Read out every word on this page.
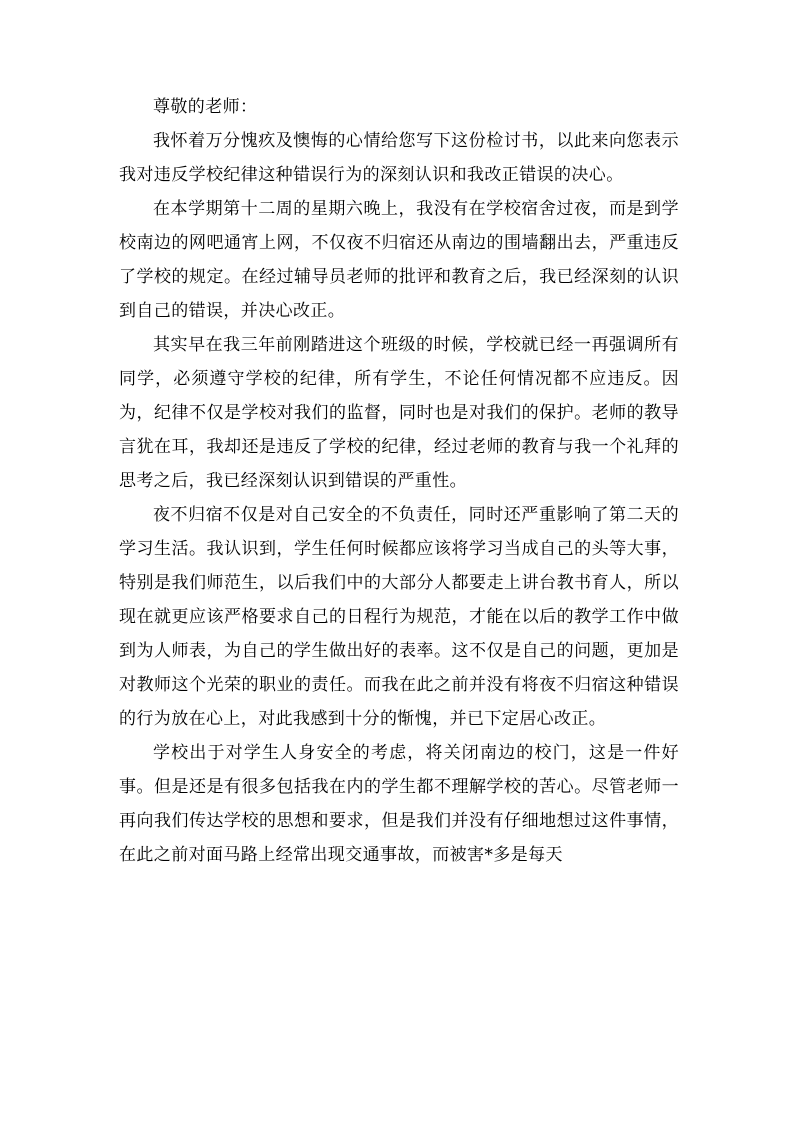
尊敬的老师：

我怀着万分愧疚及懊悔的心情给您写下这份检讨书，以此来向您表示我对违反学校纪律这种错误行为的深刻认识和我改正错误的决心。

在本学期第十二周的星期六晚上，我没有在学校宿舍过夜，而是到学校南边的网吧通宵上网，不仅夜不归宿还从南边的围墙翻出去，严重违反了学校的规定。在经过辅导员老师的批评和教育之后，我已经深刻的认识到自己的错误，并决心改正。

其实早在我三年前刚踏进这个班级的时候，学校就已经一再强调所有同学，必须遵守学校的纪律，所有学生，不论任何情况都不应违反。因为，纪律不仅是学校对我们的监督，同时也是对我们的保护。老师的教导言犹在耳，我却还是违反了学校的纪律，经过老师的教育与我一个礼拜的思考之后，我已经深刻认识到错误的严重性。

夜不归宿不仅是对自己安全的不负责任，同时还严重影响了第二天的学习生活。我认识到，学生任何时候都应该将学习当成自己的头等大事，特别是我们师范生，以后我们中的大部分人都要走上讲台教书育人，所以现在就更应该严格要求自己的日程行为规范，才能在以后的教学工作中做到为人师表，为自己的学生做出好的表率。这不仅是自己的问题，更加是对教师这个光荣的职业的责任。而我在此之前并没有将夜不归宿这种错误的行为放在心上，对此我感到十分的惭愧，并已下定居心改正。

学校出于对学生人身安全的考虑，将关闭南边的校门，这是一件好事。但是还是有很多包括我在内的学生都不理解学校的苦心。尽管老师一再向我们传达学校的思想和要求，但是我们并没有仔细地想过这件事情，在此之前对面马路上经常出现交通事故，而被害*多是每天
